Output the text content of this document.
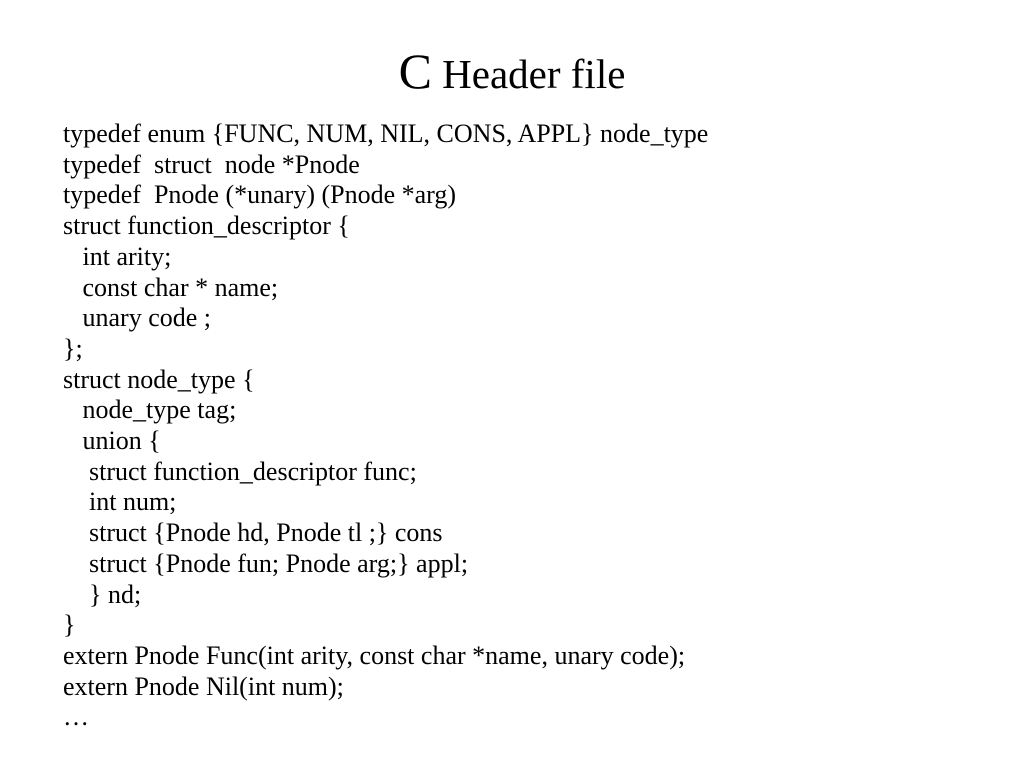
C Header file
typedef enum {FUNC, NUM, NIL, CONS, APPL} node_type
typedef  struct  node *Pnode
typedef  Pnode (*unary) (Pnode *arg)
struct function_descriptor {
int arity;
const char * name;
unary code ;
};
struct node_type {
node_type tag;
union {
struct function_descriptor func;
int num;
struct {Pnode hd, Pnode tl ;} cons
struct {Pnode fun; Pnode arg;} appl;
} nd;
}
extern Pnode Func(int arity, const char *name, unary code);
extern Pnode Nil(int num);
…
